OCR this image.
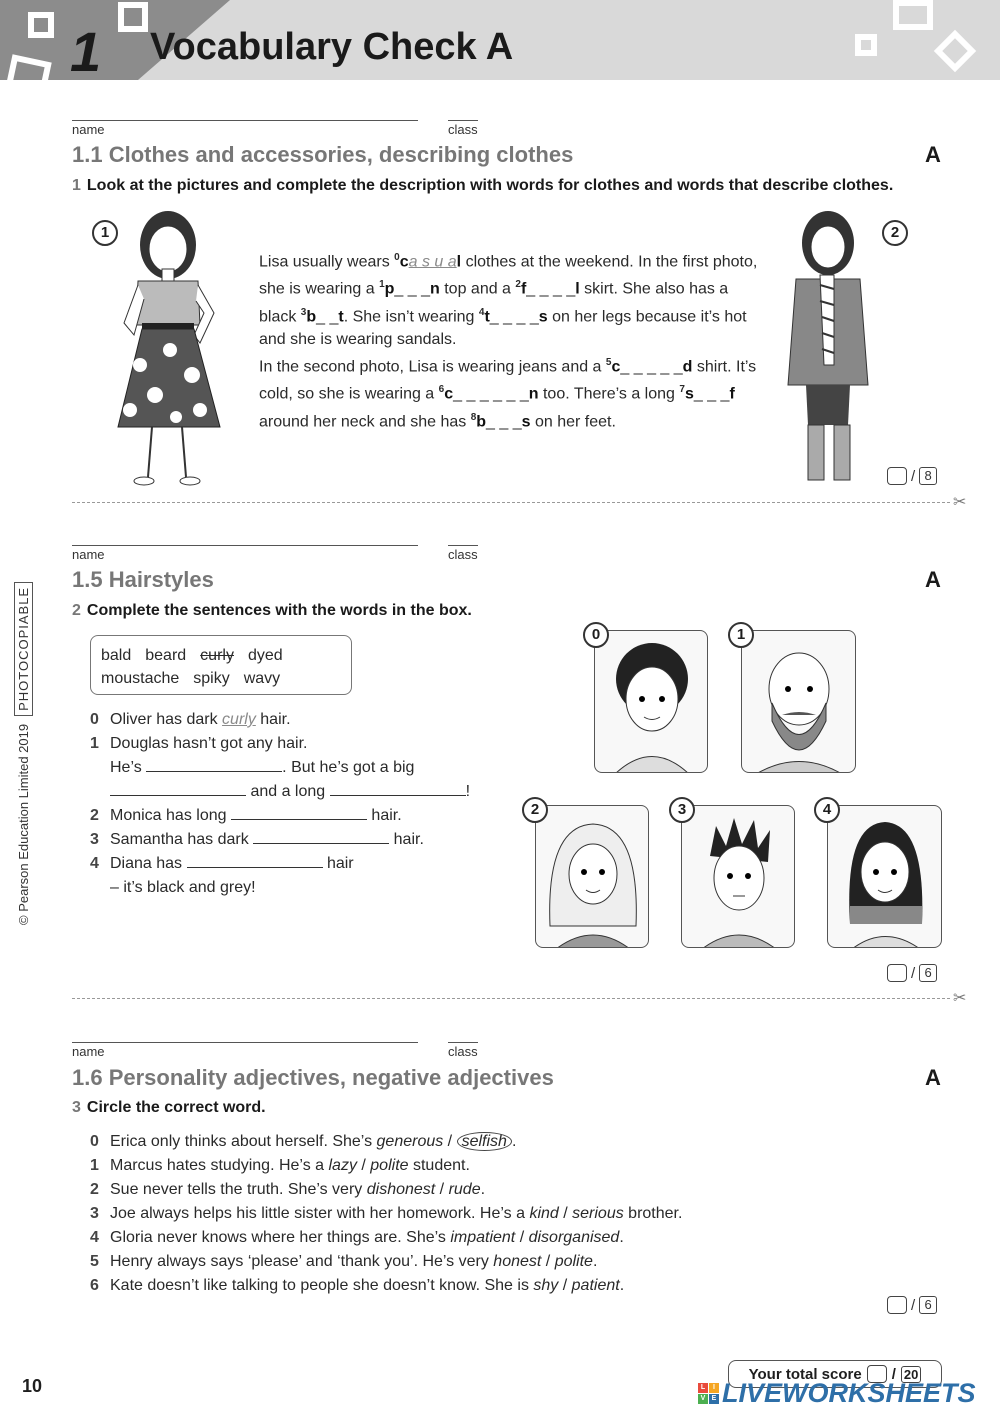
1 Vocabulary Check A
name	class
1.1 Clothes and accessories, describing clothes	A
1 Look at the pictures and complete the description with words for clothes and words that describe clothes.
1	2
Lisa usually wears $^0$ca s u al clothes at the weekend. In the first photo, she is wearing a $^1$p_ _ _n top and a $^2$f_ _ _ _l skirt. She also has a black $^3$b_ _t. She isn’t wearing $^4$t_ _ _ _s on her legs because it’s hot and she is wearing sandals.
In the second photo, Lisa is wearing jeans and a $^5$c_ _ _ _ _d shirt. It’s cold, so she is wearing a $^6$c_ _ _ _ _ _n too. There’s a long $^7$s_ _ _f around her neck and she has $^8$b_ _ _s on her feet.
/ 8
✂
name	class
1.5 Hairstyles	A
2 Complete the sentences with the words in the box.
bald beard curly dyed
moustache spiky wavy
0 Oliver has dark curly hair.
1 Douglas hasn’t got any hair.
He’s	. But he’s got a big
and a long	!
2 Monica has long	hair.
3 Samantha has dark	hair.
4 Diana has	hair
– it’s black and grey!
0	1
2	3	4
/ 6
✂
name	class
1.6 Personality adjectives, negative adjectives	A
3 Circle the correct word.
0 Erica only thinks about herself. She’s generous / selfish .
1 Marcus hates studying. He’s a lazy / polite student.
2 Sue never tells the truth. She’s very dishonest / rude.
3 Joe always helps his little sister with her homework. He’s a kind / serious brother.
4 Gloria never knows where her things are. She’s impatient / disorganised.
5 Henry always says ‘please’ and ‘thank you’. He’s very honest / polite.
6 Kate doesn’t like talking to people she doesn’t know. She is shy / patient.
/ 6
© Pearson Education Limited 2019
PHOTOCOPIABLE
10
Your total score / 20
L	I
V E LIVEWORKSHEETS
